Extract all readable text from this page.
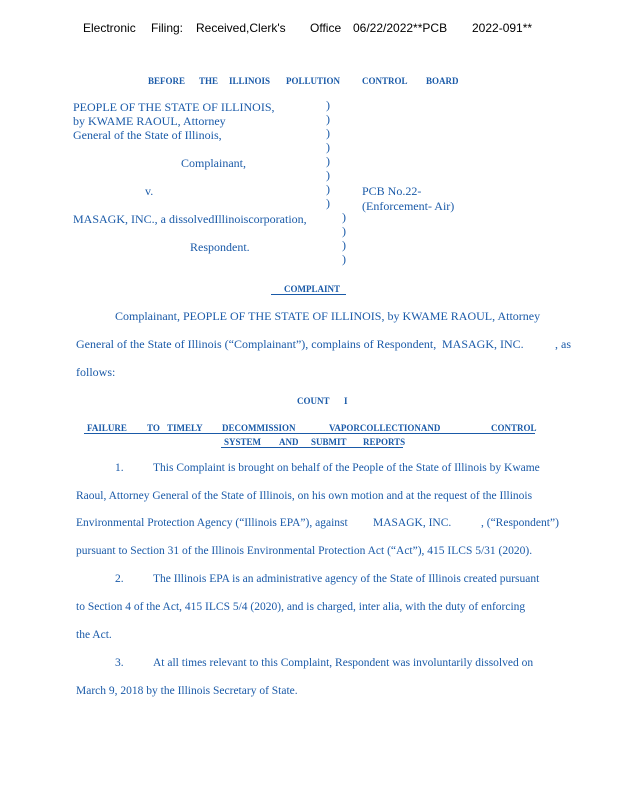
Electronic Filing: Received,Clerk's Office 06/22/2022**PCB 2022-091**
BEFORE THE ILLINOIS POLLUTION CONTROL BOARD
PEOPLE OF THE STATE OF ILLINOIS,
by KWAME RAOUL, Attorney
General of the State of Illinois,
Complainant,
v.	PCB No.22-
(Enforcement- Air)
MASAGK, INC., a dissolvedIllinoiscorporation,
Respondent.
)
)
)
)
)
)
)
)
)
)
)
)
COMPLAINT
Complainant, PEOPLE OF THE STATE OF ILLINOIS, by KWAME RAOUL, Attorney
General of the State of Illinois (“Complainant”), complains of Respondent, MASAGK, INC.	, as
follows:
COUNT I
FAILURE TO TIMELY DECOMMISSION	VAPORCOLLECTIONAND	CONTROL
SYSTEM AND SUBMIT REPORTS
1.	This Complaint is brought on behalf of the People of the State of Illinois by Kwame
Raoul, Attorney General of the State of Illinois, on his own motion and at the request of the Illinois
Environmental Protection Agency (“Illinois EPA”), against MASAGK, INC.	, (“Respondent”)
pursuant to Section 31 of the Illinois Environmental Protection Act (“Act”), 415 ILCS 5/31 (2020).
2.	The Illinois EPA is an administrative agency of the State of Illinois created pursuant
to Section 4 of the Act, 415 ILCS 5/4 (2020), and is charged, inter alia, with the duty of enforcing
the Act.
3.	At all times relevant to this Complaint, Respondent was involuntarily dissolved on
March 9, 2018 by the Illinois Secretary of State.
